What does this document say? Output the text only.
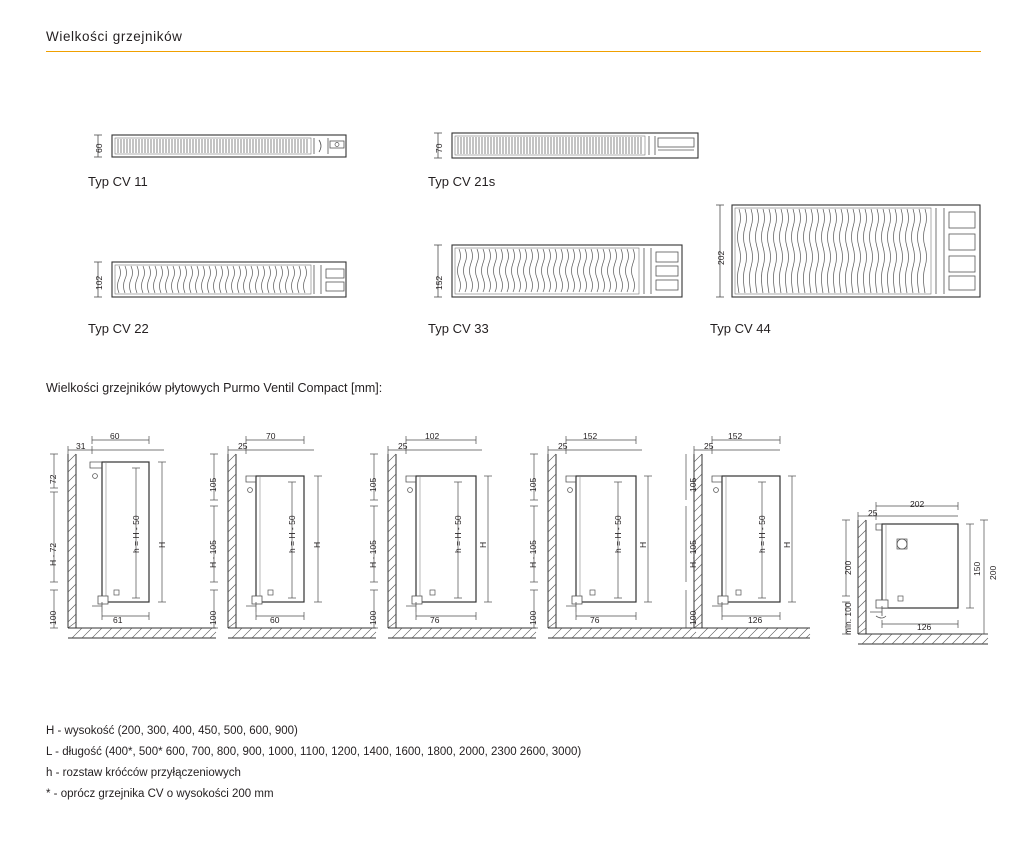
Wielkości grzejników
60
Typ CV 11
70
Typ CV 21s
102
Typ CV 22
152
Typ CV 33
202
Typ CV 44
Wielkości grzejników płytowych Purmo Ventil Compact [mm]:
31
60
72
H - 72
100
h = H - 50
H
61
25
70
105
H - 105
100
h = H - 50
H
60
25
102
105
H - 105
100
h = H - 50
H
76
25
152
105
H - 105
100
h = H - 50
H
76
25
152
105
H - 105
100
h = H - 50
H
126
25
202
200
min. 100
150 200
126
H - wysokość (200, 300, 400, 450, 500, 600, 900)
L - długość (400*, 500* 600, 700, 800, 900, 1000, 1100, 1200, 1400, 1600, 1800, 2000, 2300 2600, 3000)
h - rozstaw króćców przyłączeniowych
* - oprócz grzejnika CV o wysokości 200 mm
